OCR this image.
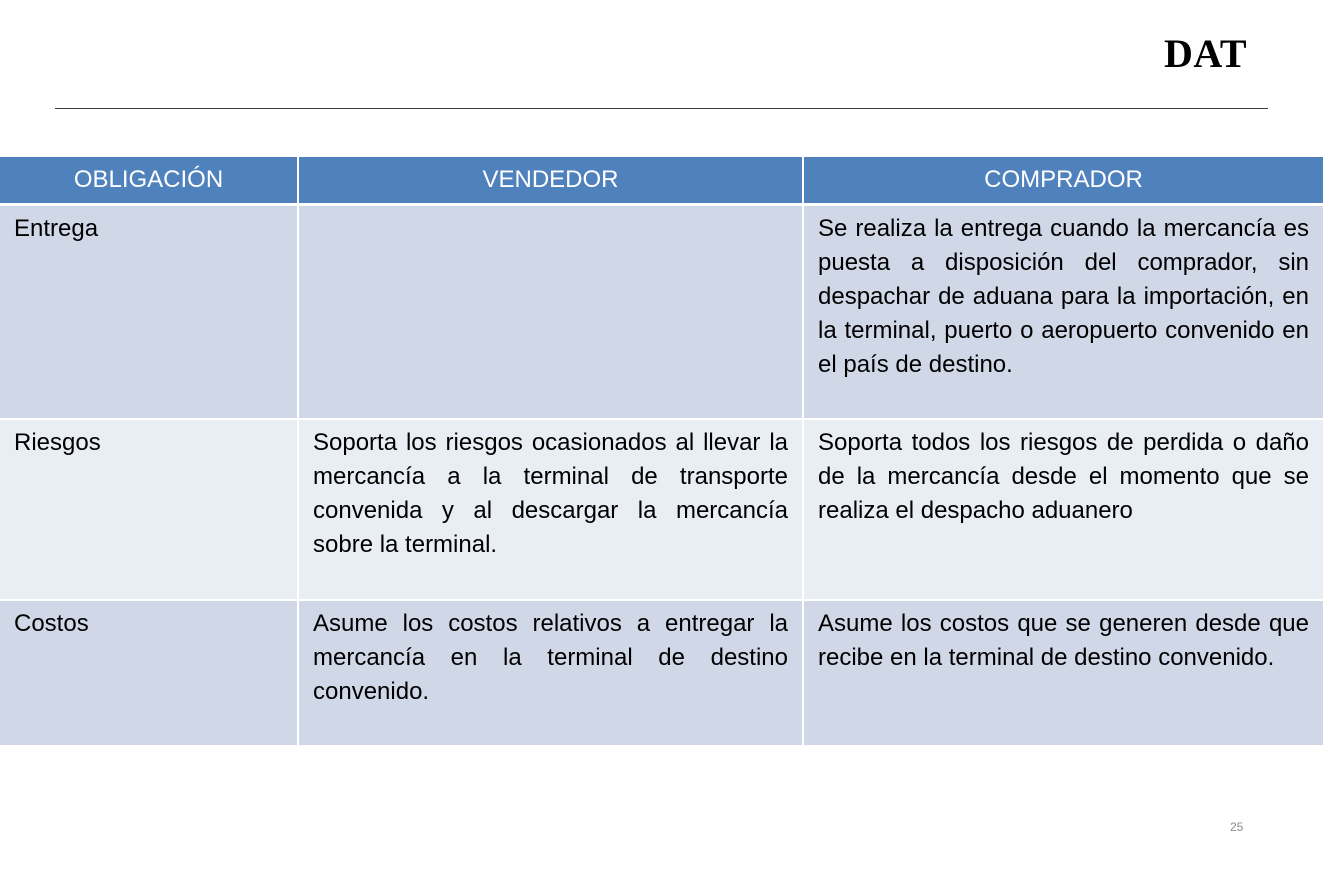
DAT
OBLIGACIÓN	VENDEDOR	COMPRADOR
Entrega		Se realiza la entrega cuando la mercancía es puesta a disposición del comprador, sin despachar de aduana para la importación, en la terminal, puerto o aeropuerto convenido en el país de destino.
Riesgos	Soporta los riesgos ocasionados al llevar la mercancía a la terminal de transporte convenida y al descargar la mercancía sobre la terminal.	Soporta todos los riesgos de perdida o daño de la mercancía desde el momento que se realiza el despacho aduanero
Costos	Asume los costos relativos a entregar la mercancía en la terminal de destino convenido.	Asume los costos que se generen desde que recibe en la terminal de destino convenido.
25
